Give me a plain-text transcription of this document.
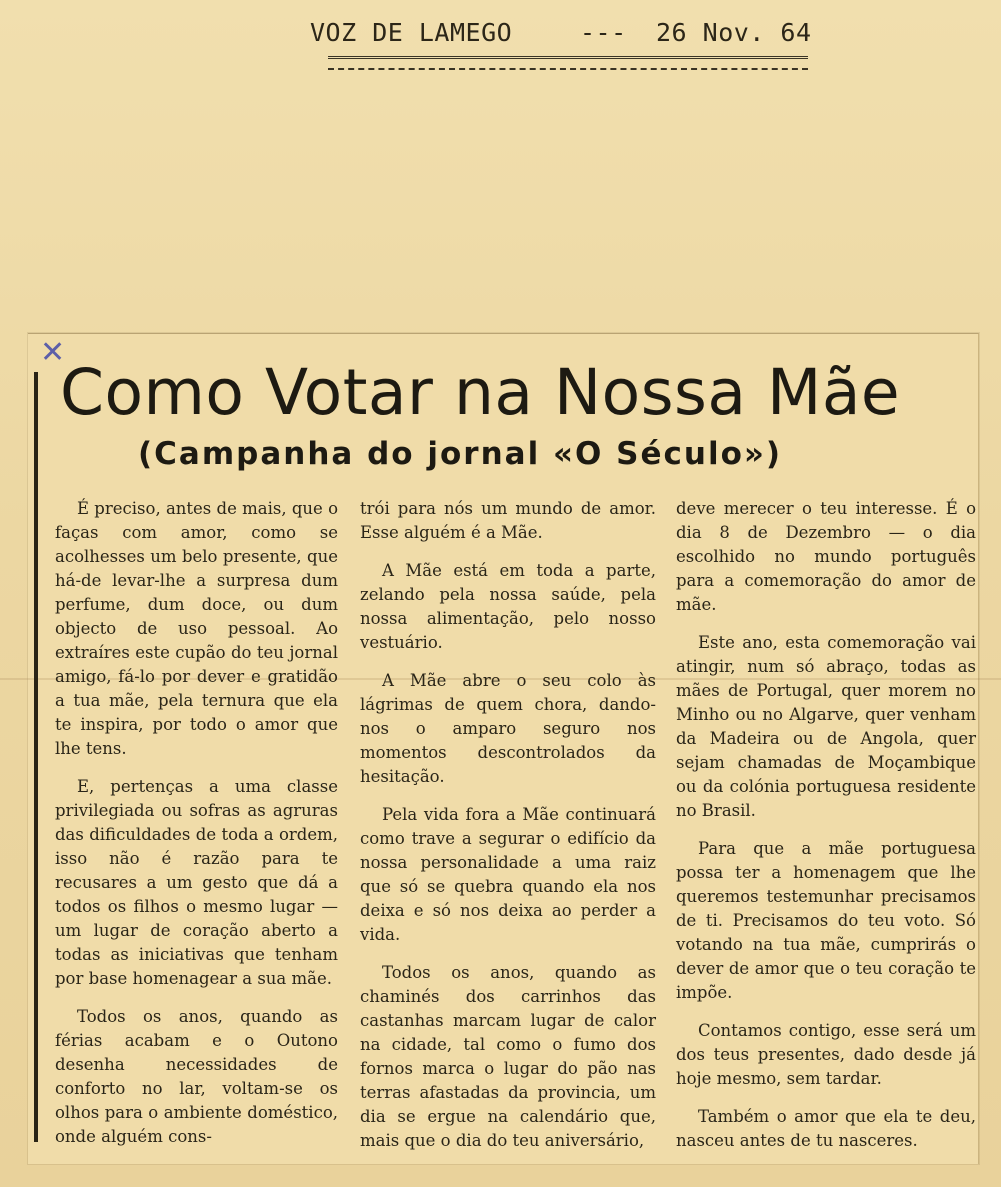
VOZ DE LAMEGO	--- 26 Nov. 64
✕
Como Votar na Nossa Mãe
(Campanha do jornal «O Século»)

É preciso, antes de mais, que o faças com amor, como se acolhesses um belo presente, que há-de levar-lhe a surpresa dum perfume, dum doce, ou dum objecto de uso pessoal. Ao extraíres este cupão do teu jornal amigo, fá-lo por dever e gratidão a tua mãe, pela ternura que ela te inspira, por todo o amor que lhe tens.

E, pertenças a uma classe privilegiada ou sofras as agruras das dificuldades de toda a ordem, isso não é razão para te recusares a um gesto que dá a todos os filhos o mesmo lugar — um lugar de coração aberto a todas as iniciativas que tenham por base homenagear a sua mãe.

Todos os anos, quando as férias acabam e o Outono desenha necessidades de conforto no lar, voltam-se os olhos para o ambiente doméstico, onde alguém cons-

trói para nós um mundo de amor. Esse alguém é a Mãe.

A Mãe está em toda a parte, zelando pela nossa saúde, pela nossa alimentação, pelo nosso vestuário.

A Mãe abre o seu colo às lágrimas de quem chora, dando-nos o amparo seguro nos momentos descontrolados da hesitação.

Pela vida fora a Mãe continuará como trave a segurar o edifício da nossa personalidade a uma raiz que só se quebra quando ela nos deixa e só nos deixa ao perder a vida.

Todos os anos, quando as chaminés dos carrinhos das castanhas marcam lugar de calor na cidade, tal como o fumo dos fornos marca o lugar do pão nas terras afastadas da provincia, um dia se ergue na calendário que, mais que o dia do teu aniversário,

deve merecer o teu interesse. É o dia 8 de Dezembro — o dia escolhido no mundo português para a comemoração do amor de mãe.

Este ano, esta comemoração vai atingir, num só abraço, todas as mães de Portugal, quer morem no Minho ou no Algarve, quer venham da Madeira ou de Angola, quer sejam chamadas de Moçambique ou da colónia portuguesa residente no Brasil.

Para que a mãe portuguesa possa ter a homenagem que lhe queremos testemunhar precisamos de ti. Precisamos do teu voto. Só votando na tua mãe, cumprirás o dever de amor que o teu coração te impõe.

Contamos contigo, esse será um dos teus presentes, dado desde já hoje mesmo, sem tardar.

Também o amor que ela te deu, nasceu antes de tu nasceres.
